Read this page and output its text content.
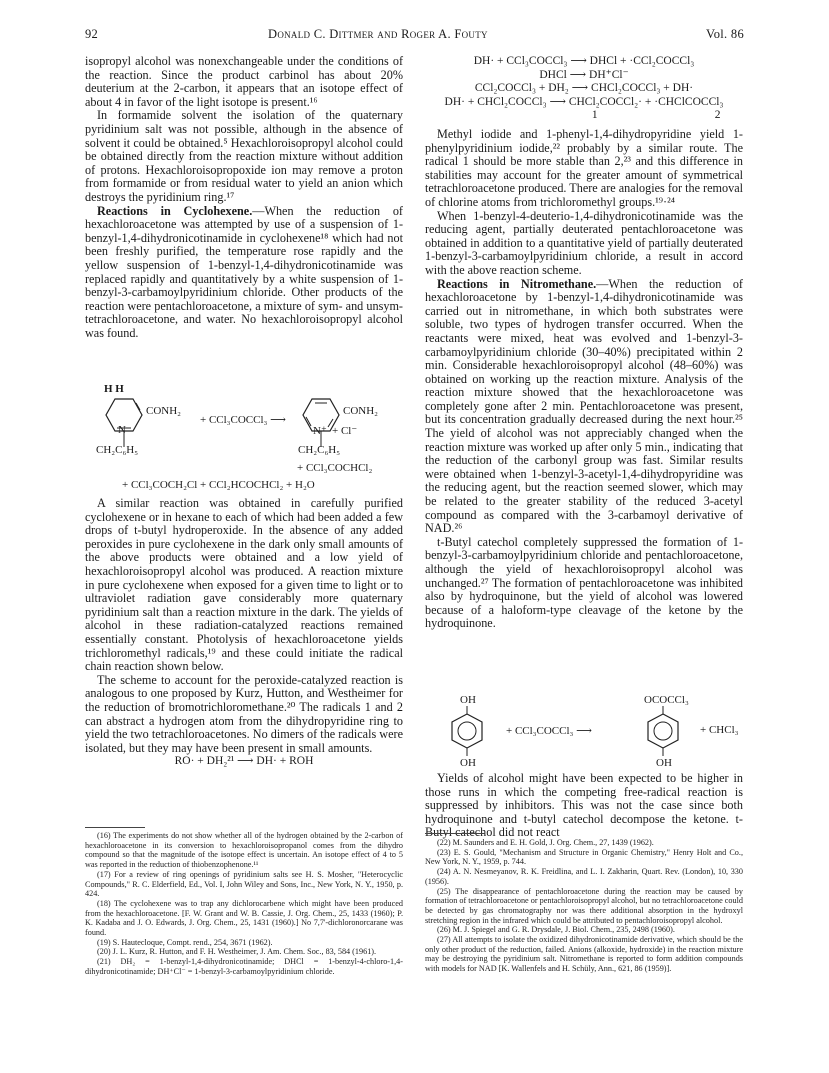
92	Donald C. Dittmer and Roger A. Fouty	Vol. 86

isopropyl alcohol was nonexchangeable under the conditions of the reaction. Since the product carbinol has about 20% deuterium at the 2-carbon, it appears that an isotope effect of about 4 in favor of the light isotope is present.¹⁶

In formamide solvent the isolation of the quaternary pyridinium salt was not possible, although in the absence of solvent it could be obtained.⁵ Hexachloroisopropyl alcohol could be obtained directly from the reaction mixture without addition of protons. Hexachloroisopropoxide ion may remove a proton from formamide or from residual water to yield an anion which destroys the pyridinium ring.¹⁷

Reactions in Cyclohexene.—When the reduction of hexachloroacetone was attempted by use of a suspension of 1-benzyl-1,4-dihydronicotinamide in cyclohexene¹⁸ which had not been freshly purified, the temperature rose rapidly and the yellow suspension of 1-benzyl-1,4-dihydronicotinamide was replaced rapidly and quantitatively by a white suspension of 1-benzyl-3-carbamoylpyridinium chloride. Other products of the reaction were pentachloroacetone, a mixture of sym- and unsym-tetrachloroacetone, and water. No hexachloroisopropyl alcohol was found.

H H
CONH₂
N
CH₂C₆H₅
+ CCl₃COCCl₃ ⟶
CONH₂
N⁺ + Cl⁻
CH₂C₆H₅
+ CCl₃COCHCl₂
+ CCl₃COCH₂Cl + CCl₂HCOCHCl₂ + H₂O

A similar reaction was obtained in carefully purified cyclohexene or in hexane to each of which had been added a few drops of t-butyl hydroperoxide. In the absence of any added peroxides in pure cyclohexene in the dark only small amounts of the above products were obtained and a low yield of hexachloroisopropyl alcohol was produced. A reaction mixture in pure cyclohexene when exposed for a given time to light or to ultraviolet radiation gave considerably more quaternary pyridinium salt than a reaction mixture in the dark. The yields of alcohol in these radiation-catalyzed reactions remained essentially constant. Photolysis of hexachloroacetone yields trichloromethyl radicals,¹⁹ and these could initiate the radical chain reaction shown below.

The scheme to account for the peroxide-catalyzed reaction is analogous to one proposed by Kurz, Hutton, and Westheimer for the reduction of bromotrichloromethane.²⁰ The radicals 1 and 2 can abstract a hydrogen atom from the dihydropyridine ring to yield the two tetrachloroacetones. No dimers of the radicals were isolated, but they may have been present in small amounts.

RO· + DH₂²¹ ⟶ DH· + ROH

(16) The experiments do not show whether all of the hydrogen obtained by the 2-carbon of hexachloroacetone in its conversion to hexachloroisopropanol comes from the dihydro compound so that the magnitude of the isotope effect is uncertain. An isotope effect of 4 to 5 was reported in the reduction of thiobenzophenone.¹¹

(17) For a review of ring openings of pyridinium salts see H. S. Mosher, "Heterocyclic Compounds," R. C. Elderfield, Ed., Vol. I, John Wiley and Sons, Inc., New York, N. Y., 1950, p. 424.

(18) The cyclohexene was to trap any dichlorocarbene which might have been produced from the hexachloroacetone. [F. W. Grant and W. B. Cassie, J. Org. Chem., 25, 1433 (1960); P. K. Kadaba and J. O. Edwards, J. Org. Chem., 25, 1431 (1960).] No 7,7'-dichloronorcarane was found.

(19) S. Hautecloque, Compt. rend., 254, 3671 (1962).

(20) J. L. Kurz, R. Hutton, and F. H. Westheimer, J. Am. Chem. Soc., 83, 584 (1961).

(21) DH₂ = 1-benzyl-1,4-dihydronicotinamide; DHCl = 1-benzyl-4-chloro-1,4-dihydronicotinamide; DH⁺Cl⁻ = 1-benzyl-3-carbamoylpyridinium chloride.

DH· + CCl₃COCCl₃ ⟶ DHCl + ·CCl₂COCCl₃

DHCl ⟶ DH⁺Cl⁻

CCl₂COCCl₃ + DH₂ ⟶ CHCl₂COCCl₃ + DH·

DH· + CHCl₂COCCl₃ ⟶ CHCl₂COCCl₂· + ·CHClCOCCl₃

1	2

Methyl iodide and 1-phenyl-1,4-dihydropyridine yield 1-phenylpyridinium iodide,²² probably by a similar route. The radical 1 should be more stable than 2,²³ and this difference in stabilities may account for the greater amount of symmetrical tetrachloroacetone produced. There are analogies for the removal of chlorine atoms from trichloromethyl groups.¹⁹·²⁴

When 1-benzyl-4-deuterio-1,4-dihydronicotinamide was the reducing agent, partially deuterated pentachloroacetone was obtained in addition to a quantitative yield of partially deuterated 1-benzyl-3-carbamoylpyridinium chloride, a result in accord with the above reaction scheme.

Reactions in Nitromethane.—When the reduction of hexachloroacetone by 1-benzyl-1,4-dihydronicotinamide was carried out in nitromethane, in which both substrates were soluble, two types of hydrogen transfer occurred. When the reactants were mixed, heat was evolved and 1-benzyl-3-carbamoylpyridinium chloride (30–40%) precipitated within 2 min. Considerable hexachloroisopropyl alcohol (48–60%) was obtained on working up the reaction mixture. Analysis of the reaction mixture showed that the hexachloroacetone was completely gone after 2 min. Pentachloroacetone was present, but its concentration gradually decreased during the next hour.²⁵ The yield of alcohol was not appreciably changed when the reaction mixture was worked up after only 5 min., indicating that the reduction of the carbonyl group was fast. Similar results were obtained when 1-benzyl-3-acetyl-1,4-dihydropyridine was the reducing agent, but the reaction seemed slower, which may be related to the greater stability of the reduced 3-acetyl compound as compared with the 3-carbamoyl derivative of NAD.²⁶

t-Butyl catechol completely suppressed the formation of 1-benzyl-3-carbamoylpyridinium chloride and pentachloroacetone, although the yield of hexachloroisopropyl alcohol was unchanged.²⁷ The formation of pentachloroacetone was inhibited also by hydroquinone, but the yield of alcohol was lowered because of a haloform-type cleavage of the ketone by the hydroquinone.

OH
OH
+ CCl₃COCCl₃ ⟶
OCOCCl₃
OH
+ CHCl₃

Yields of alcohol might have been expected to be higher in those runs in which the competing free-radical reaction is suppressed by inhibitors. This was not the case since both hydroquinone and t-butyl catechol decompose the ketone. t-Butyl catechol did not react

(22) M. Saunders and E. H. Gold, J. Org. Chem., 27, 1439 (1962).

(23) E. S. Gould, "Mechanism and Structure in Organic Chemistry," Henry Holt and Co., New York, N. Y., 1959, p. 744.

(24) A. N. Nesmeyanov, R. K. Freidlina, and L. I. Zakharin, Quart. Rev. (London), 10, 330 (1956).

(25) The disappearance of pentachloroacetone during the reaction may be caused by formation of tetrachloroacetone or pentachloroisopropyl alcohol, but no tetrachloroacetone could be detected by gas chromatography nor was there additional absorption in the hydroxyl stretching region in the infrared which could be attributed to pentachloroisopropyl alcohol.

(26) M. J. Spiegel and G. R. Drysdale, J. Biol. Chem., 235, 2498 (1960).

(27) All attempts to isolate the oxidized dihydronicotinamide derivative, which should be the only other product of the reduction, failed. Anions (alkoxide, hydroxide) in the reaction mixture may be destroying the pyridinium salt. Nitromethane is reported to form addition compounds with models for NAD [K. Wallenfels and H. Schüly, Ann., 621, 86 (1959)].
